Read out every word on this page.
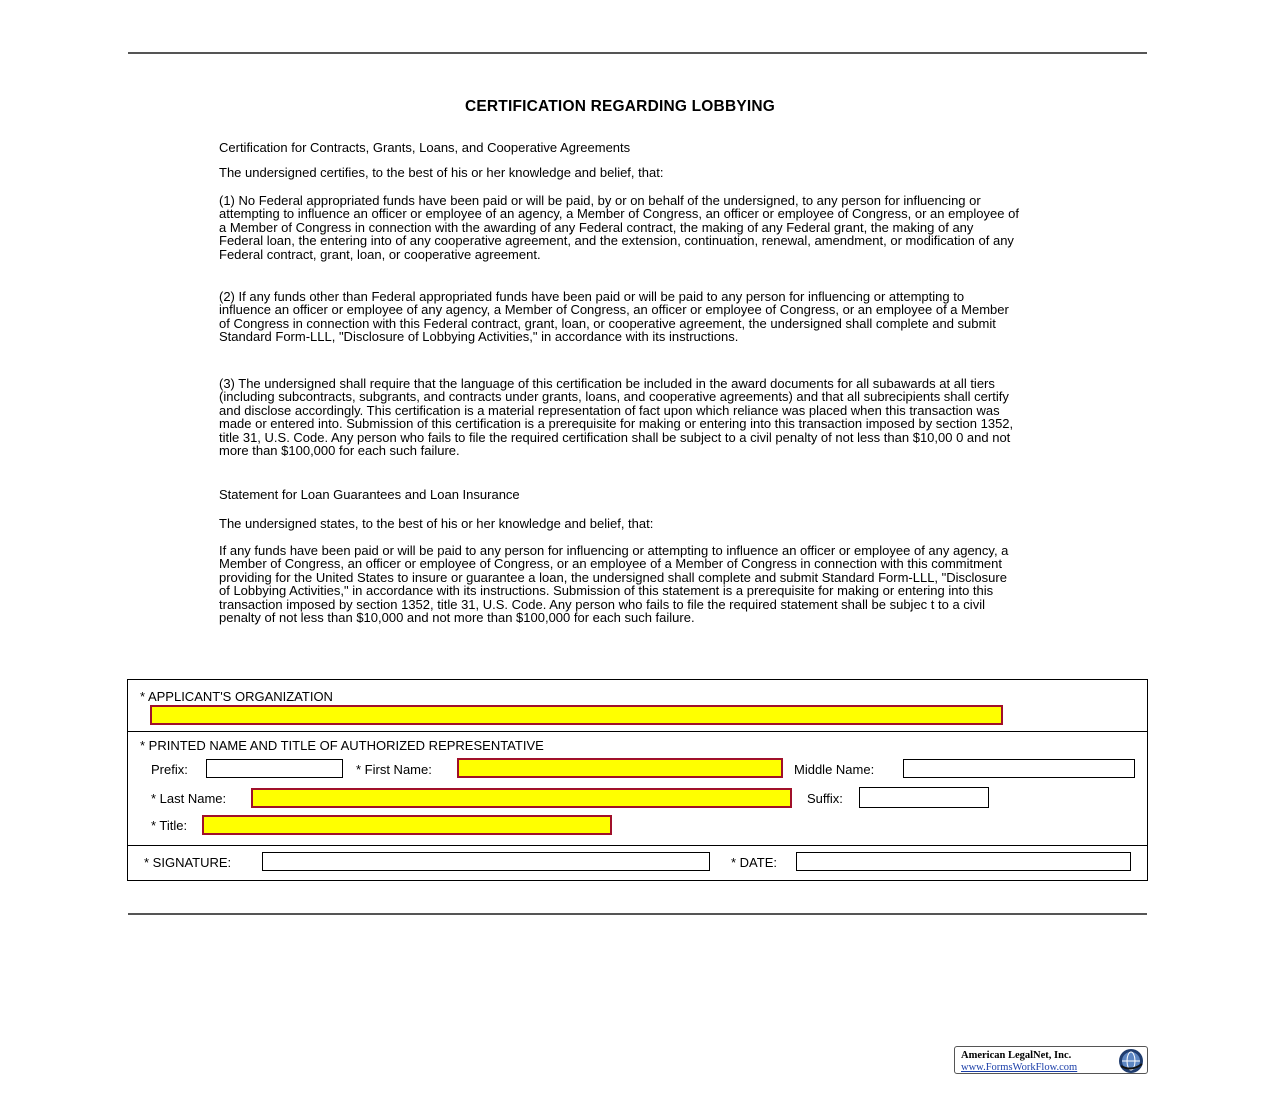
CERTIFICATION REGARDING LOBBYING

Certification for Contracts, Grants, Loans, and Cooperative Agreements

The undersigned certifies, to the best of his or her knowledge and belief, that:

(1) No Federal appropriated funds have been paid or will be paid, by or on behalf of the undersigned, to any person for influencing or attempting to influence an officer or employee of an agency, a Member of Congress, an officer or employee of Congress, or an employee of a Member of Congress in connection with the awarding of any Federal contract, the making of any Federal grant, the making of any Federal loan, the entering into of any cooperative agreement, and the extension, continuation, renewal, amendment, or modification of any Federal contract, grant, loan, or cooperative agreement.

(2) If any funds other than Federal appropriated funds have been paid or will be paid to any person for influencing or attempting to influence an officer or employee of any agency, a Member of Congress, an officer or employee of Congress, or an employee of a Member of Congress in connection with this Federal contract, grant, loan, or cooperative agreement, the undersigned shall complete and submit Standard Form-LLL, "Disclosure of Lobbying Activities," in accordance with its instructions.

(3) The undersigned shall require that the language of this certification be included in the award documents for all subawards at all tiers (including subcontracts, subgrants, and contracts under grants, loans, and cooperative agreements) and that all subrecipients shall certify and disclose accordingly. This certification is a material representation of fact upon which reliance was placed when this transaction was made or entered into. Submission of this certification is a prerequisite for making or entering into this transaction imposed by section 1352, title 31, U.S. Code. Any person who fails to file the required certification shall be subject to a civil penalty of not less than $10,00 0 and not more than $100,000 for each such failure.

Statement for Loan Guarantees and Loan Insurance

The undersigned states, to the best of his or her knowledge and belief, that:

If any funds have been paid or will be paid to any person for influencing or attempting to influence an officer or employee of any agency, a Member of Congress, an officer or employee of Congress, or an employee of a Member of Congress in connection with this commitment providing for the United States to insure or guarantee a loan, the undersigned shall complete and submit Standard Form-LLL, "Disclosure of Lobbying Activities," in accordance with its instructions. Submission of this statement is a prerequisite for making or entering into this transaction imposed by section 1352, title 31, U.S. Code. Any person who fails to file the required statement shall be subjec t to a civil penalty of not less than $10,000 and not more than $100,000 for each such failure.

* APPLICANT'S ORGANIZATION
* PRINTED NAME AND TITLE OF AUTHORIZED REPRESENTATIVE
Prefix:	* First Name:	Middle Name:
* Last Name:	Suffix:
* Title:
* SIGNATURE:	* DATE:
American LegalNet, Inc.
www.FormsWorkFlow.com
